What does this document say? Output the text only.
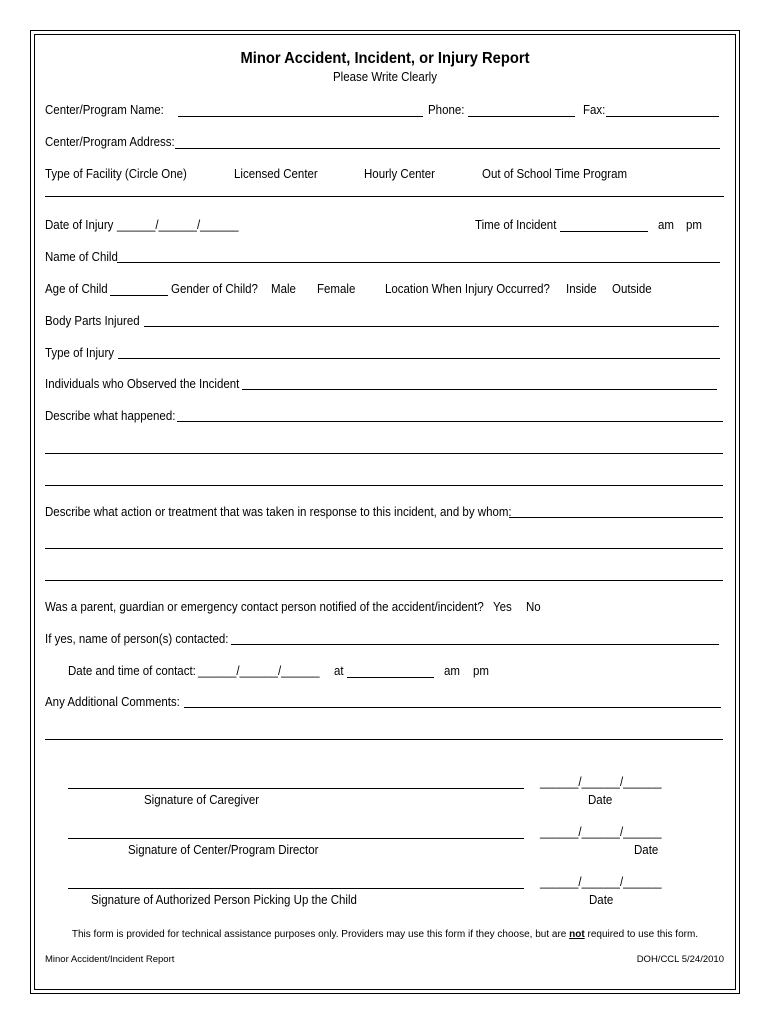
Minor Accident, Incident, or Injury Report
Please Write Clearly
Center/Program Name:	Phone:	Fax:
Center/Program Address:
Type of Facility (Circle One)	Licensed Center	Hourly Center	Out of School Time Program
Date of Injury ______/______/______	Time of Incident	am pm
Name of Child
Age of Child	Gender of Child? Male Female Location When Injury Occurred? Inside Outside
Body Parts Injured
Type of Injury
Individuals who Observed the Incident
Describe what happened:
Describe what action or treatment that was taken in response to this incident, and by whom:
Was a parent, guardian or emergency contact person notified of the accident/incident? Yes No
If yes, name of person(s) contacted:
Date and time of contact: ______/______/______ at	am pm
Any Additional Comments:
______/______/______
Signature of Caregiver	Date
______/______/______
Signature of Center/Program Director	Date
______/______/______
Signature of Authorized Person Picking Up the Child	Date
This form is provided for technical assistance purposes only. Providers may use this form if they choose, but are not required to use this form.
Minor Accident/Incident Report	DOH/CCL 5/24/2010
